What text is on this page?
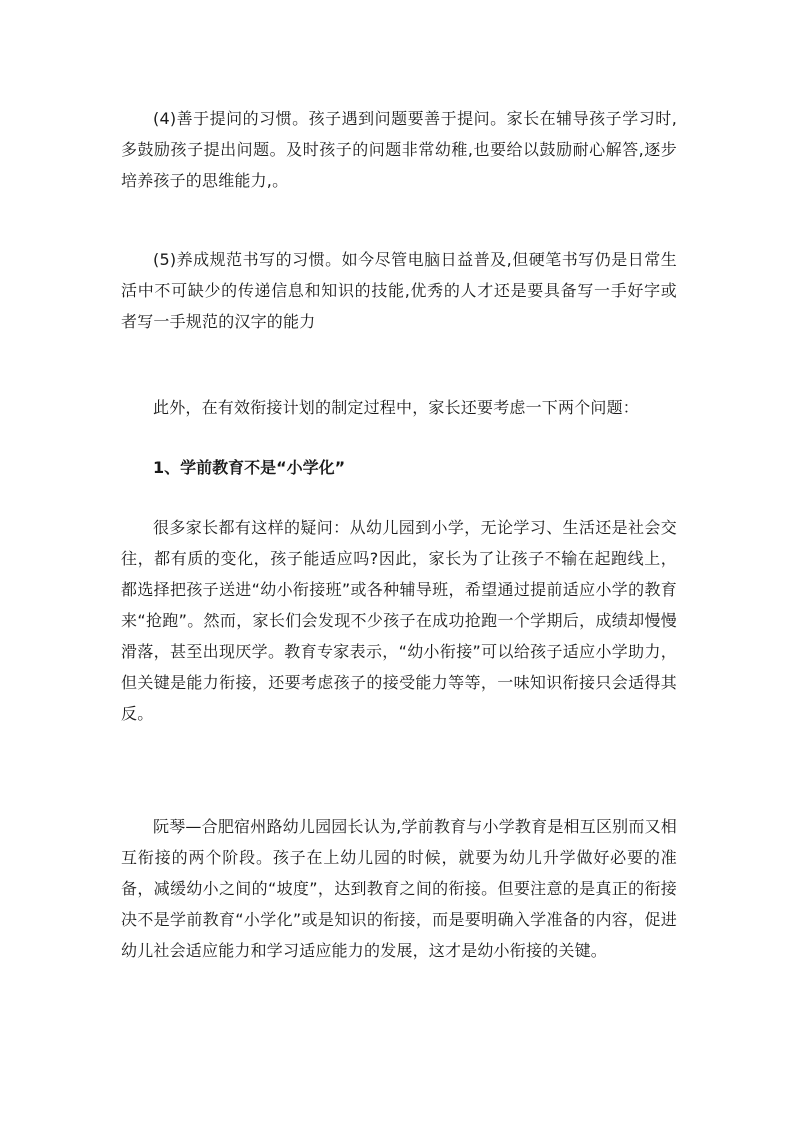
(4)善于提问的习惯。孩子遇到问题要善于提问。家长在辅导孩子学习时,多鼓励孩子提出问题。及时孩子的问题非常幼稚,也要给以鼓励耐心解答,逐步培养孩子的思维能力,。

(5)养成规范书写的习惯。如今尽管电脑日益普及,但硬笔书写仍是日常生活中不可缺少的传递信息和知识的技能,优秀的人才还是要具备写一手好字或者写一手规范的汉字的能力

此外，在有效衔接计划的制定过程中，家长还要考虑一下两个问题：

1、学前教育不是“小学化”

很多家长都有这样的疑问：从幼儿园到小学，无论学习、生活还是社会交往，都有质的变化，孩子能适应吗?因此，家长为了让孩子不输在起跑线上，都选择把孩子送进“幼小衔接班”或各种辅导班，希望通过提前适应小学的教育来“抢跑”。然而，家长们会发现不少孩子在成功抢跑一个学期后，成绩却慢慢滑落，甚至出现厌学。教育专家表示，“幼小衔接”可以给孩子适应小学助力，但关键是能力衔接，还要考虑孩子的接受能力等等，一味知识衔接只会适得其反。

阮琴—合肥宿州路幼儿园园长认为,学前教育与小学教育是相互区别而又相互衔接的两个阶段。孩子在上幼儿园的时候，就要为幼儿升学做好必要的准备，减缓幼小之间的“坡度”，达到教育之间的衔接。但要注意的是真正的衔接决不是学前教育“小学化”或是知识的衔接，而是要明确入学准备的内容，促进幼儿社会适应能力和学习适应能力的发展，这才是幼小衔接的关键。
